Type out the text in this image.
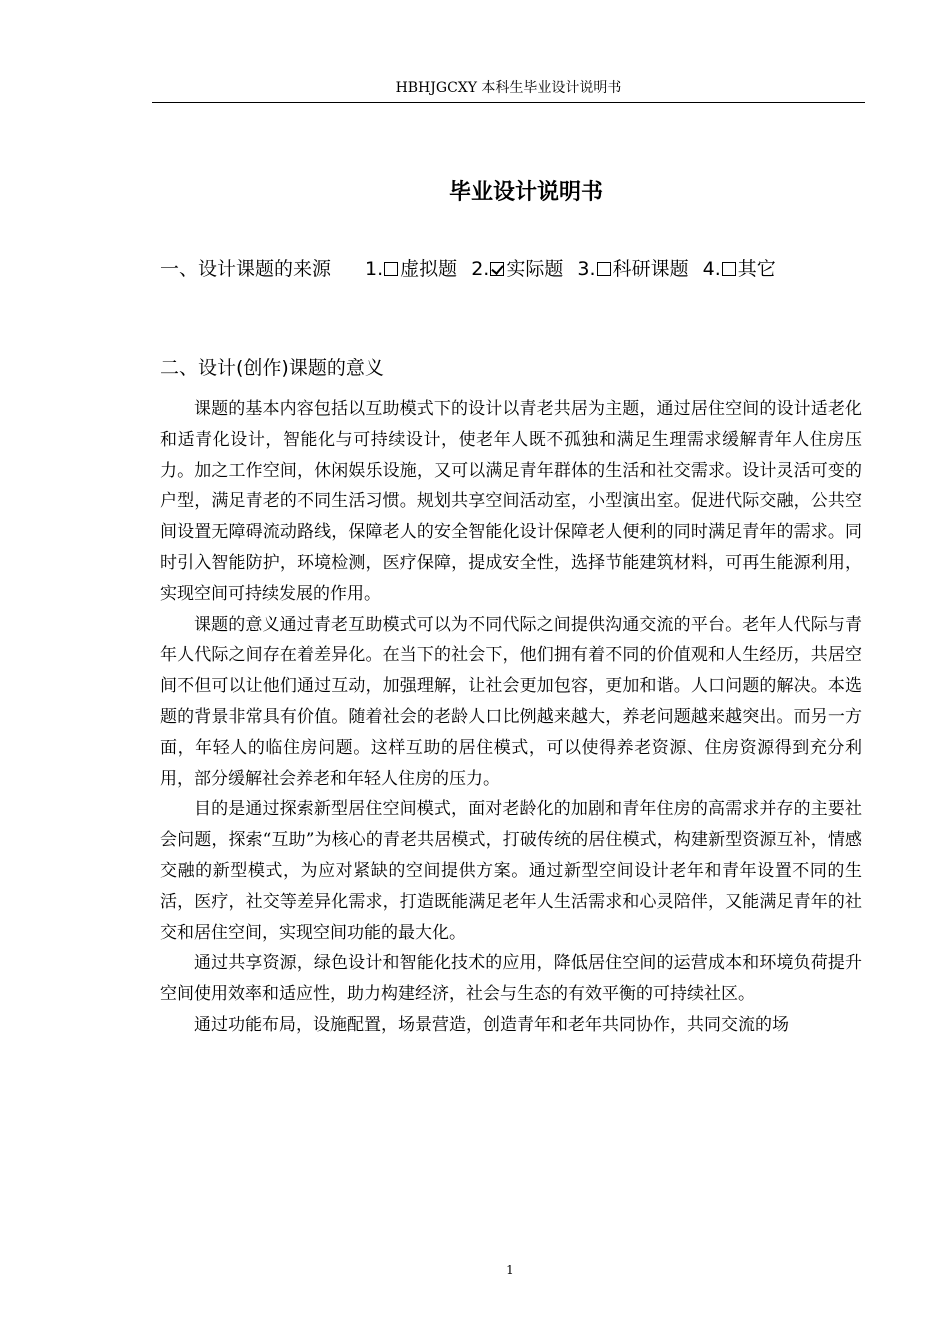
HBHJGCXY 本科生毕业设计说明书
毕业设计说明书
一、设计课题的来源 1. 虚拟题 2. 实际题 3. 科研课题 4. 其它
二、设计(创作)课题的意义

课题的基本内容包括以互助模式下的设计以青老共居为主题，通过居住空间的设计适老化和适青化设计，智能化与可持续设计，使老年人既不孤独和满足生理需求缓解青年人住房压力。加之工作空间，休闲娱乐设施，又可以满足青年群体的生活和社交需求。设计灵活可变的户型，满足青老的不同生活习惯。规划共享空间活动室，小型演出室。促进代际交融，公共空间设置无障碍流动路线，保障老人的安全智能化设计保障老人便利的同时满足青年的需求。同时引入智能防护，环境检测，医疗保障，提成安全性，选择节能建筑材料，可再生能源利用，实现空间可持续发展的作用。

课题的意义通过青老互助模式可以为不同代际之间提供沟通交流的平台。老年人代际与青年人代际之间存在着差异化。在当下的社会下，他们拥有着不同的价值观和人生经历，共居空间不但可以让他们通过互动，加强理解，让社会更加包容，更加和谐。人口问题的解决。本选题的背景非常具有价值。随着社会的老龄人口比例越来越大，养老问题越来越突出。而另一方面，年轻人的临住房问题。这样互助的居住模式，可以使得养老资源、住房资源得到充分利用，部分缓解社会养老和年轻人住房的压力。

目的是通过探索新型居住空间模式，面对老龄化的加剧和青年住房的高需求并存的主要社会问题，探索“互助”为核心的青老共居模式，打破传统的居住模式，构建新型资源互补，情感交融的新型模式，为应对紧缺的空间提供方案。通过新型空间设计老年和青年设置不同的生活，医疗，社交等差异化需求，打造既能满足老年人生活需求和心灵陪伴，又能满足青年的社交和居住空间，实现空间功能的最大化。

通过共享资源，绿色设计和智能化技术的应用，降低居住空间的运营成本和环境负荷提升空间使用效率和适应性，助力构建经济，社会与生态的有效平衡的可持续社区。

通过功能布局，设施配置，场景营造，创造青年和老年共同协作，共同交流的场

1
